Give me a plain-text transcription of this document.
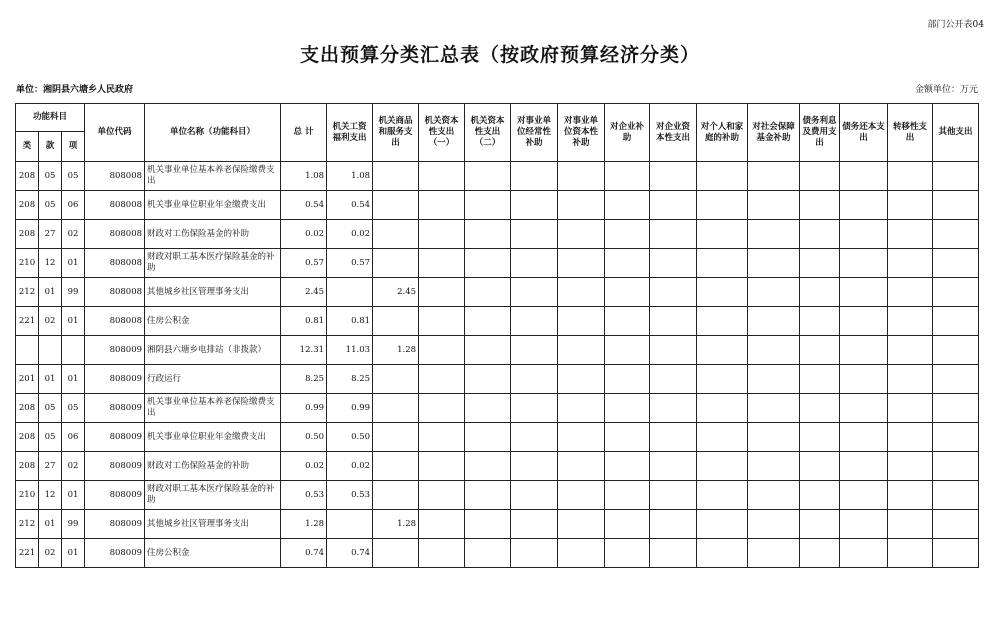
部门公开表04
支出预算分类汇总表（按政府预算经济分类）
单位：湘阴县六塘乡人民政府	金额单位：万元
功能科目			单位代码	单位名称（功能科目）	总 计	机关工资福利支出	机关商品和服务支出	机关资本性支出（一）	机关资本性支出（二）	对事业单位经常性补助	对事业单位资本性补助	对企业补助	对企业资本性支出	对个人和家庭的补助	对社会保障基金补助	债务利息及费用支出	债务还本支出	转移性支出	其他支出
类	款	项																	
208	05	05	808008	机关事业单位基本养老保险缴费支出	1.08	1.08													
208	05	06	808008	机关事业单位职业年金缴费支出	0.54	0.54													
208	27	02	808008	财政对工伤保险基金的补助	0.02	0.02													
210	12	01	808008	财政对职工基本医疗保险基金的补助	0.57	0.57													
212	01	99	808008	其他城乡社区管理事务支出	2.45		2.45												
221	02	01	808008	住房公积金	0.81	0.81													
			808009	湘阴县六塘乡电排站（非拨款）	12.31	11.03	1.28												
201	01	01	808009	行政运行	8.25	8.25													
208	05	05	808009	机关事业单位基本养老保险缴费支出	0.99	0.99													
208	05	06	808009	机关事业单位职业年金缴费支出	0.50	0.50													
208	27	02	808009	财政对工伤保险基金的补助	0.02	0.02													
210	12	01	808009	财政对职工基本医疗保险基金的补助	0.53	0.53													
212	01	99	808009	其他城乡社区管理事务支出	1.28		1.28												
221	02	01	808009	住房公积金	0.74	0.74													
